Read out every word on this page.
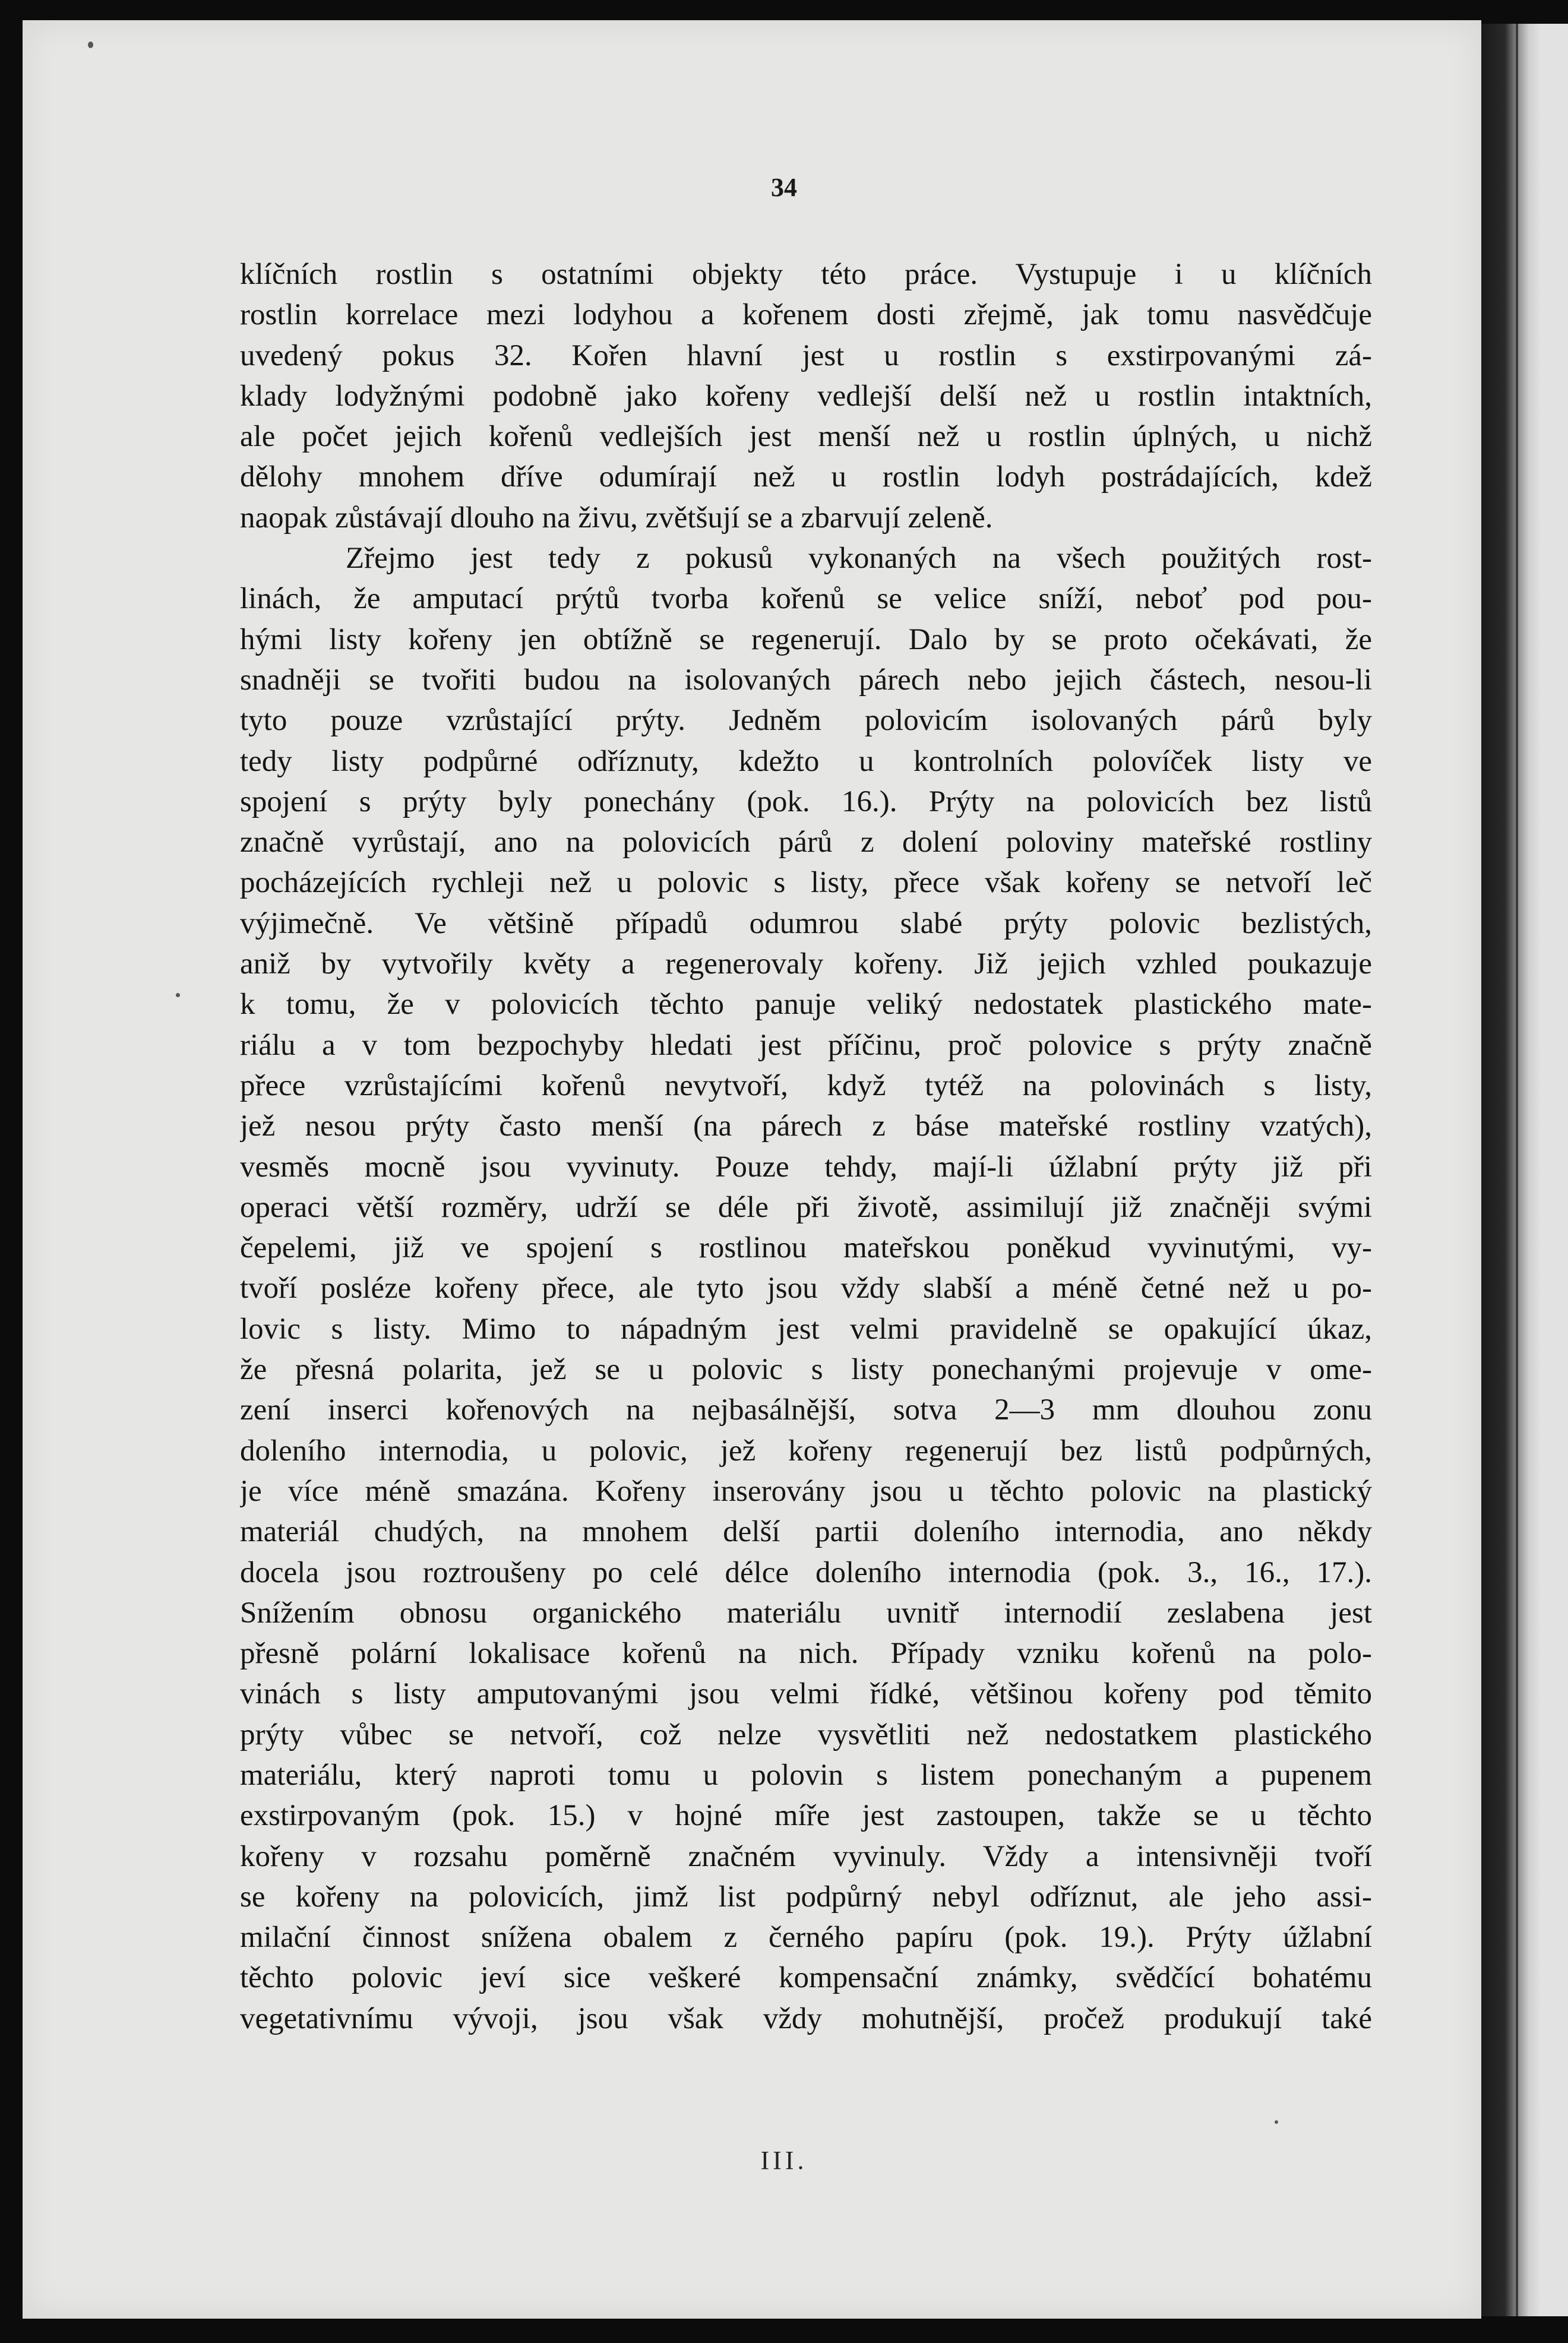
34
klíčních rostlin s ostatními objekty této práce. Vystupuje i u klíčních
rostlin korrelace mezi lodyhou a kořenem dosti zřejmě, jak tomu nasvědčuje
uvedený pokus 32. Kořen hlavní jest u rostlin s exstirpovanými zá-
klady lodyžnými podobně jako kořeny vedlejší delší než u rostlin intaktních,
ale počet jejich kořenů vedlejších jest menší než u rostlin úplných, u nichž
dělohy mnohem dříve odumírají než u rostlin lodyh postrádajících, kdež
naopak zůstávají dlouho na živu, zvětšují se a zbarvují zeleně.
Zřejmo jest tedy z pokusů vykonaných na všech použitých rost-
linách, že amputací prýtů tvorba kořenů se velice sníží, neboť pod pou-
hými listy kořeny jen obtížně se regenerují. Dalo by se proto očekávati, že
snadněji se tvořiti budou na isolovaných párech nebo jejich částech, nesou-li
tyto pouze vzrůstající prýty. Jedněm polovicím isolovaných párů byly
tedy listy podpůrné odříznuty, kdežto u kontrolních polovíček listy ve
spojení s prýty byly ponechány (pok. 16.). Prýty na polovicích bez listů
značně vyrůstají, ano na polovicích párů z dolení poloviny mateřské rostliny
pocházejících rychleji než u polovic s listy, přece však kořeny se netvoří leč
výjimečně. Ve většině případů odumrou slabé prýty polovic bezlistých,
aniž by vytvořily květy a regenerovaly kořeny. Již jejich vzhled poukazuje
k tomu, že v polovicích těchto panuje veliký nedostatek plastického mate-
riálu a v tom bezpochyby hledati jest příčinu, proč polovice s prýty značně
přece vzrůstajícími kořenů nevytvoří, když tytéž na polovinách s listy,
jež nesou prýty často menší (na párech z báse mateřské rostliny vzatých),
vesměs mocně jsou vyvinuty. Pouze tehdy, mají-li úžlabní prýty již při
operaci větší rozměry, udrží se déle při životě, assimilují již značněji svými
čepelemi, již ve spojení s rostlinou mateřskou poněkud vyvinutými, vy-
tvoří posléze kořeny přece, ale tyto jsou vždy slabší a méně četné než u po-
lovic s listy. Mimo to nápadným jest velmi pravidelně se opakující úkaz,
že přesná polarita, jež se u polovic s listy ponechanými projevuje v ome-
zení inserci kořenových na nejbasálnější, sotva 2—3 mm dlouhou zonu
doleního internodia, u polovic, jež kořeny regenerují bez listů podpůrných,
je více méně smazána. Kořeny inserovány jsou u těchto polovic na plastický
materiál chudých, na mnohem delší partii doleního internodia, ano někdy
docela jsou roztroušeny po celé délce doleního internodia (pok. 3., 16., 17.).
Snížením obnosu organického materiálu uvnitř internodií zeslabena jest
přesně polární lokalisace kořenů na nich. Případy vzniku kořenů na polo-
vinách s listy amputovanými jsou velmi řídké, většinou kořeny pod těmito
prýty vůbec se netvoří, což nelze vysvětliti než nedostatkem plastického
materiálu, který naproti tomu u polovin s listem ponechaným a pupenem
exstirpovaným (pok. 15.) v hojné míře jest zastoupen, takže se u těchto
kořeny v rozsahu poměrně značném vyvinuly. Vždy a intensivněji tvoří
se kořeny na polovicích, jimž list podpůrný nebyl odříznut, ale jeho assi-
milační činnost snížena obalem z černého papíru (pok. 19.). Prýty úžlabní
těchto polovic jeví sice veškeré kompensační známky, svědčící bohatému
vegetativnímu vývoji, jsou však vždy mohutnější, pročež produkují také
III.
